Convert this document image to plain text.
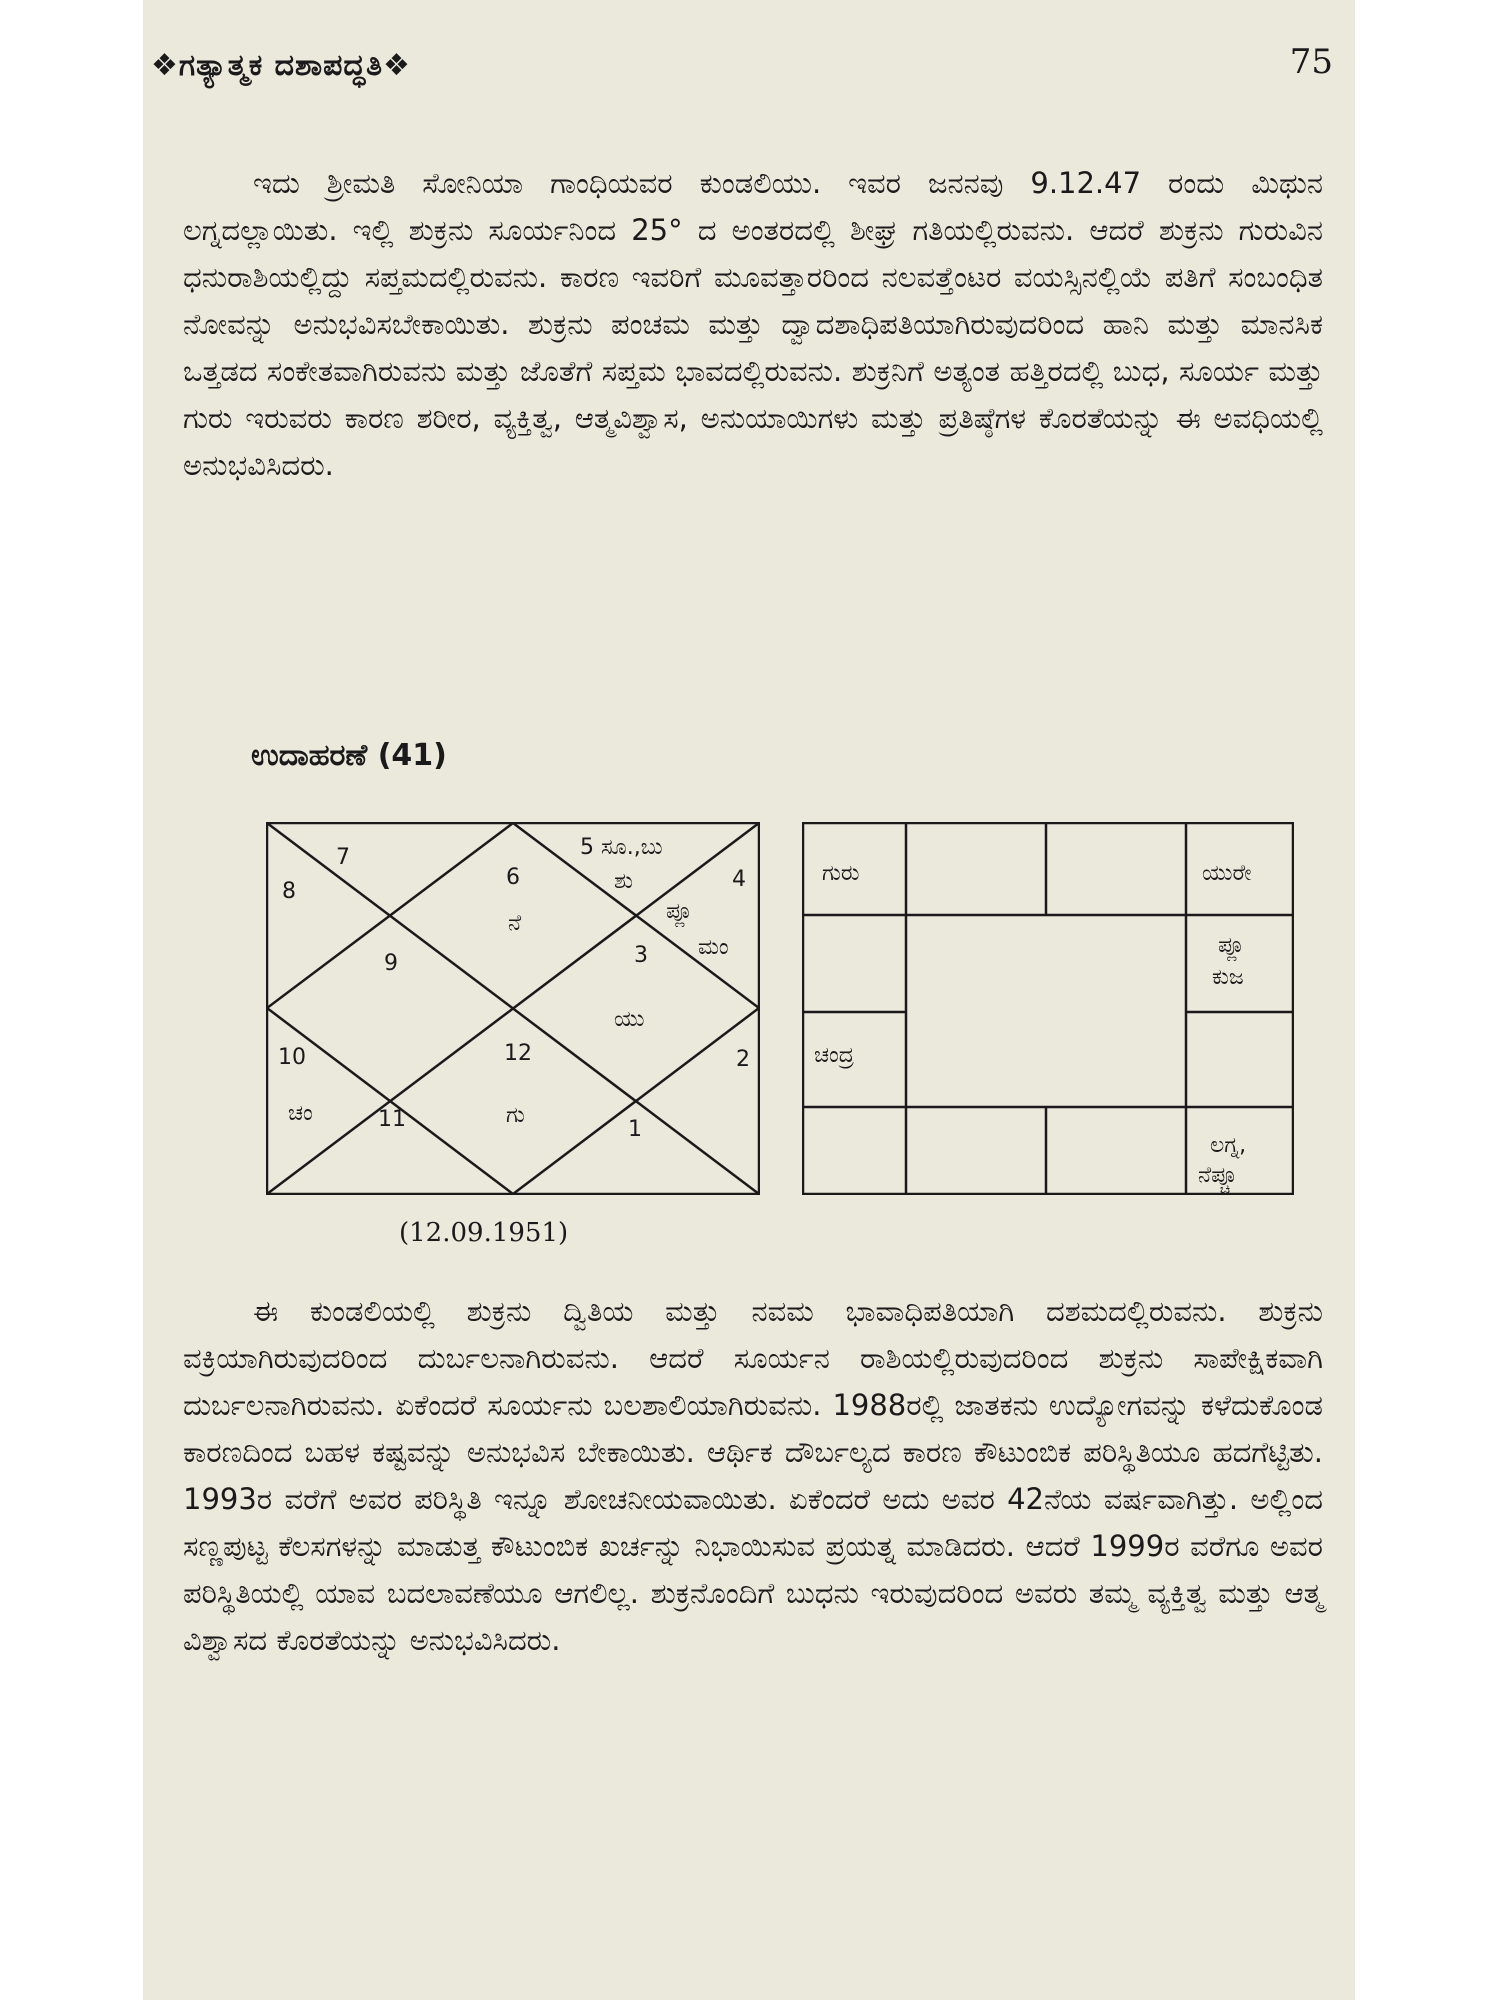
❖ಗತ್ಯಾತ್ಮಕ ದಶಾಪದ್ಧತಿ❖	75

ಇದು ಶ್ರೀಮತಿ ಸೋನಿಯಾ ಗಾಂಧಿಯವರ ಕುಂಡಲಿಯು. ಇವರ ಜನನವು 9.12.47 ರಂದು ಮಿಥುನ ಲಗ್ನದಲ್ಲಾಯಿತು. ಇಲ್ಲಿ ಶುಕ್ರನು ಸೂರ್ಯನಿಂದ 25° ದ ಅಂತರದಲ್ಲಿ ಶೀಘ್ರ ಗತಿಯಲ್ಲಿರುವನು. ಆದರೆ ಶುಕ್ರನು ಗುರುವಿನ ಧನುರಾಶಿಯಲ್ಲಿದ್ದು ಸಪ್ತಮದಲ್ಲಿರುವನು. ಕಾರಣ ಇವರಿಗೆ ಮೂವತ್ತಾರರಿಂದ ನಲವತ್ತೆಂಟರ ವಯಸ್ಸಿನಲ್ಲಿಯೆ ಪತಿಗೆ ಸಂಬಂಧಿತ ನೋವನ್ನು ಅನುಭವಿಸಬೇಕಾಯಿತು. ಶುಕ್ರನು ಪಂಚಮ ಮತ್ತು ದ್ವಾದಶಾಧಿಪತಿಯಾಗಿರುವುದರಿಂದ ಹಾನಿ ಮತ್ತು ಮಾನಸಿಕ ಒತ್ತಡದ ಸಂಕೇತವಾಗಿರುವನು ಮತ್ತು ಜೊತೆಗೆ ಸಪ್ತಮ ಭಾವದಲ್ಲಿರುವನು. ಶುಕ್ರನಿಗೆ ಅತ್ಯಂತ ಹತ್ತಿರದಲ್ಲಿ ಬುಧ, ಸೂರ್ಯ ಮತ್ತು ಗುರು ಇರುವರು ಕಾರಣ ಶರೀರ, ವ್ಯಕ್ತಿತ್ವ, ಆತ್ಮವಿಶ್ವಾಸ, ಅನುಯಾಯಿಗಳು ಮತ್ತು ಪ್ರತಿಷ್ಠೆಗಳ ಕೊರತೆಯನ್ನು ಈ ಅವಧಿಯಲ್ಲಿ ಅನುಭವಿಸಿದರು.

ಉದಾಹರಣೆ (41)
7
8
6
5 ಸೂ.,ಬು
4
9	3
10	12	2
11	1
ಶು
ಪ್ಲೂ
ಮಂ
ನೆ
ಯು
ಗು
ಚಂ
ಗುರು	ಯುರೇ
ಪ್ಲೂ
ಕುಜ
ಚಂದ್ರ
ಲಗ್ನ,
ನೆಪ್ಚೂ
(12.09.1951)

ಈ ಕುಂಡಲಿಯಲ್ಲಿ ಶುಕ್ರನು ದ್ವಿತಿಯ ಮತ್ತು ನವಮ ಭಾವಾಧಿಪತಿಯಾಗಿ ದಶಮದಲ್ಲಿರುವನು. ಶುಕ್ರನು ವಕ್ರಿಯಾಗಿರುವುದರಿಂದ ದುರ್ಬಲನಾಗಿರುವನು. ಆದರೆ ಸೂರ್ಯನ ರಾಶಿಯಲ್ಲಿರುವುದರಿಂದ ಶುಕ್ರನು ಸಾಪೇಕ್ಷಿಕವಾಗಿ ದುರ್ಬಲನಾಗಿರುವನು. ಏಕೆಂದರೆ ಸೂರ್ಯನು ಬಲಶಾಲಿಯಾಗಿರುವನು. 1988ರಲ್ಲಿ ಜಾತಕನು ಉದ್ಯೋಗವನ್ನು ಕಳೆದುಕೊಂಡ ಕಾರಣದಿಂದ ಬಹಳ ಕಷ್ಟವನ್ನು ಅನುಭವಿಸ ಬೇಕಾಯಿತು. ಆರ್ಥಿಕ ದೌರ್ಬಲ್ಯದ ಕಾರಣ ಕೌಟುಂಬಿಕ ಪರಿಸ್ಥಿತಿಯೂ ಹದಗೆಟ್ಟಿತು. 1993ರ ವರೆಗೆ ಅವರ ಪರಿಸ್ಥಿತಿ ಇನ್ನೂ ಶೋಚನೀಯವಾಯಿತು. ಏಕೆಂದರೆ ಅದು ಅವರ 42ನೆಯ ವರ್ಷವಾಗಿತ್ತು. ಅಲ್ಲಿಂದ ಸಣ್ಣಪುಟ್ಟ ಕೆಲಸಗಳನ್ನು ಮಾಡುತ್ತ ಕೌಟುಂಬಿಕ ಖರ್ಚನ್ನು ನಿಭಾಯಿಸುವ ಪ್ರಯತ್ನ ಮಾಡಿದರು. ಆದರೆ 1999ರ ವರೆಗೂ ಅವರ ಪರಿಸ್ಥಿತಿಯಲ್ಲಿ ಯಾವ ಬದಲಾವಣೆಯೂ ಆಗಲಿಲ್ಲ. ಶುಕ್ರನೊಂದಿಗೆ ಬುಧನು ಇರುವುದರಿಂದ ಅವರು ತಮ್ಮ ವ್ಯಕ್ತಿತ್ವ ಮತ್ತು ಆತ್ಮ ವಿಶ್ವಾಸದ ಕೊರತೆಯನ್ನು ಅನುಭವಿಸಿದರು.
